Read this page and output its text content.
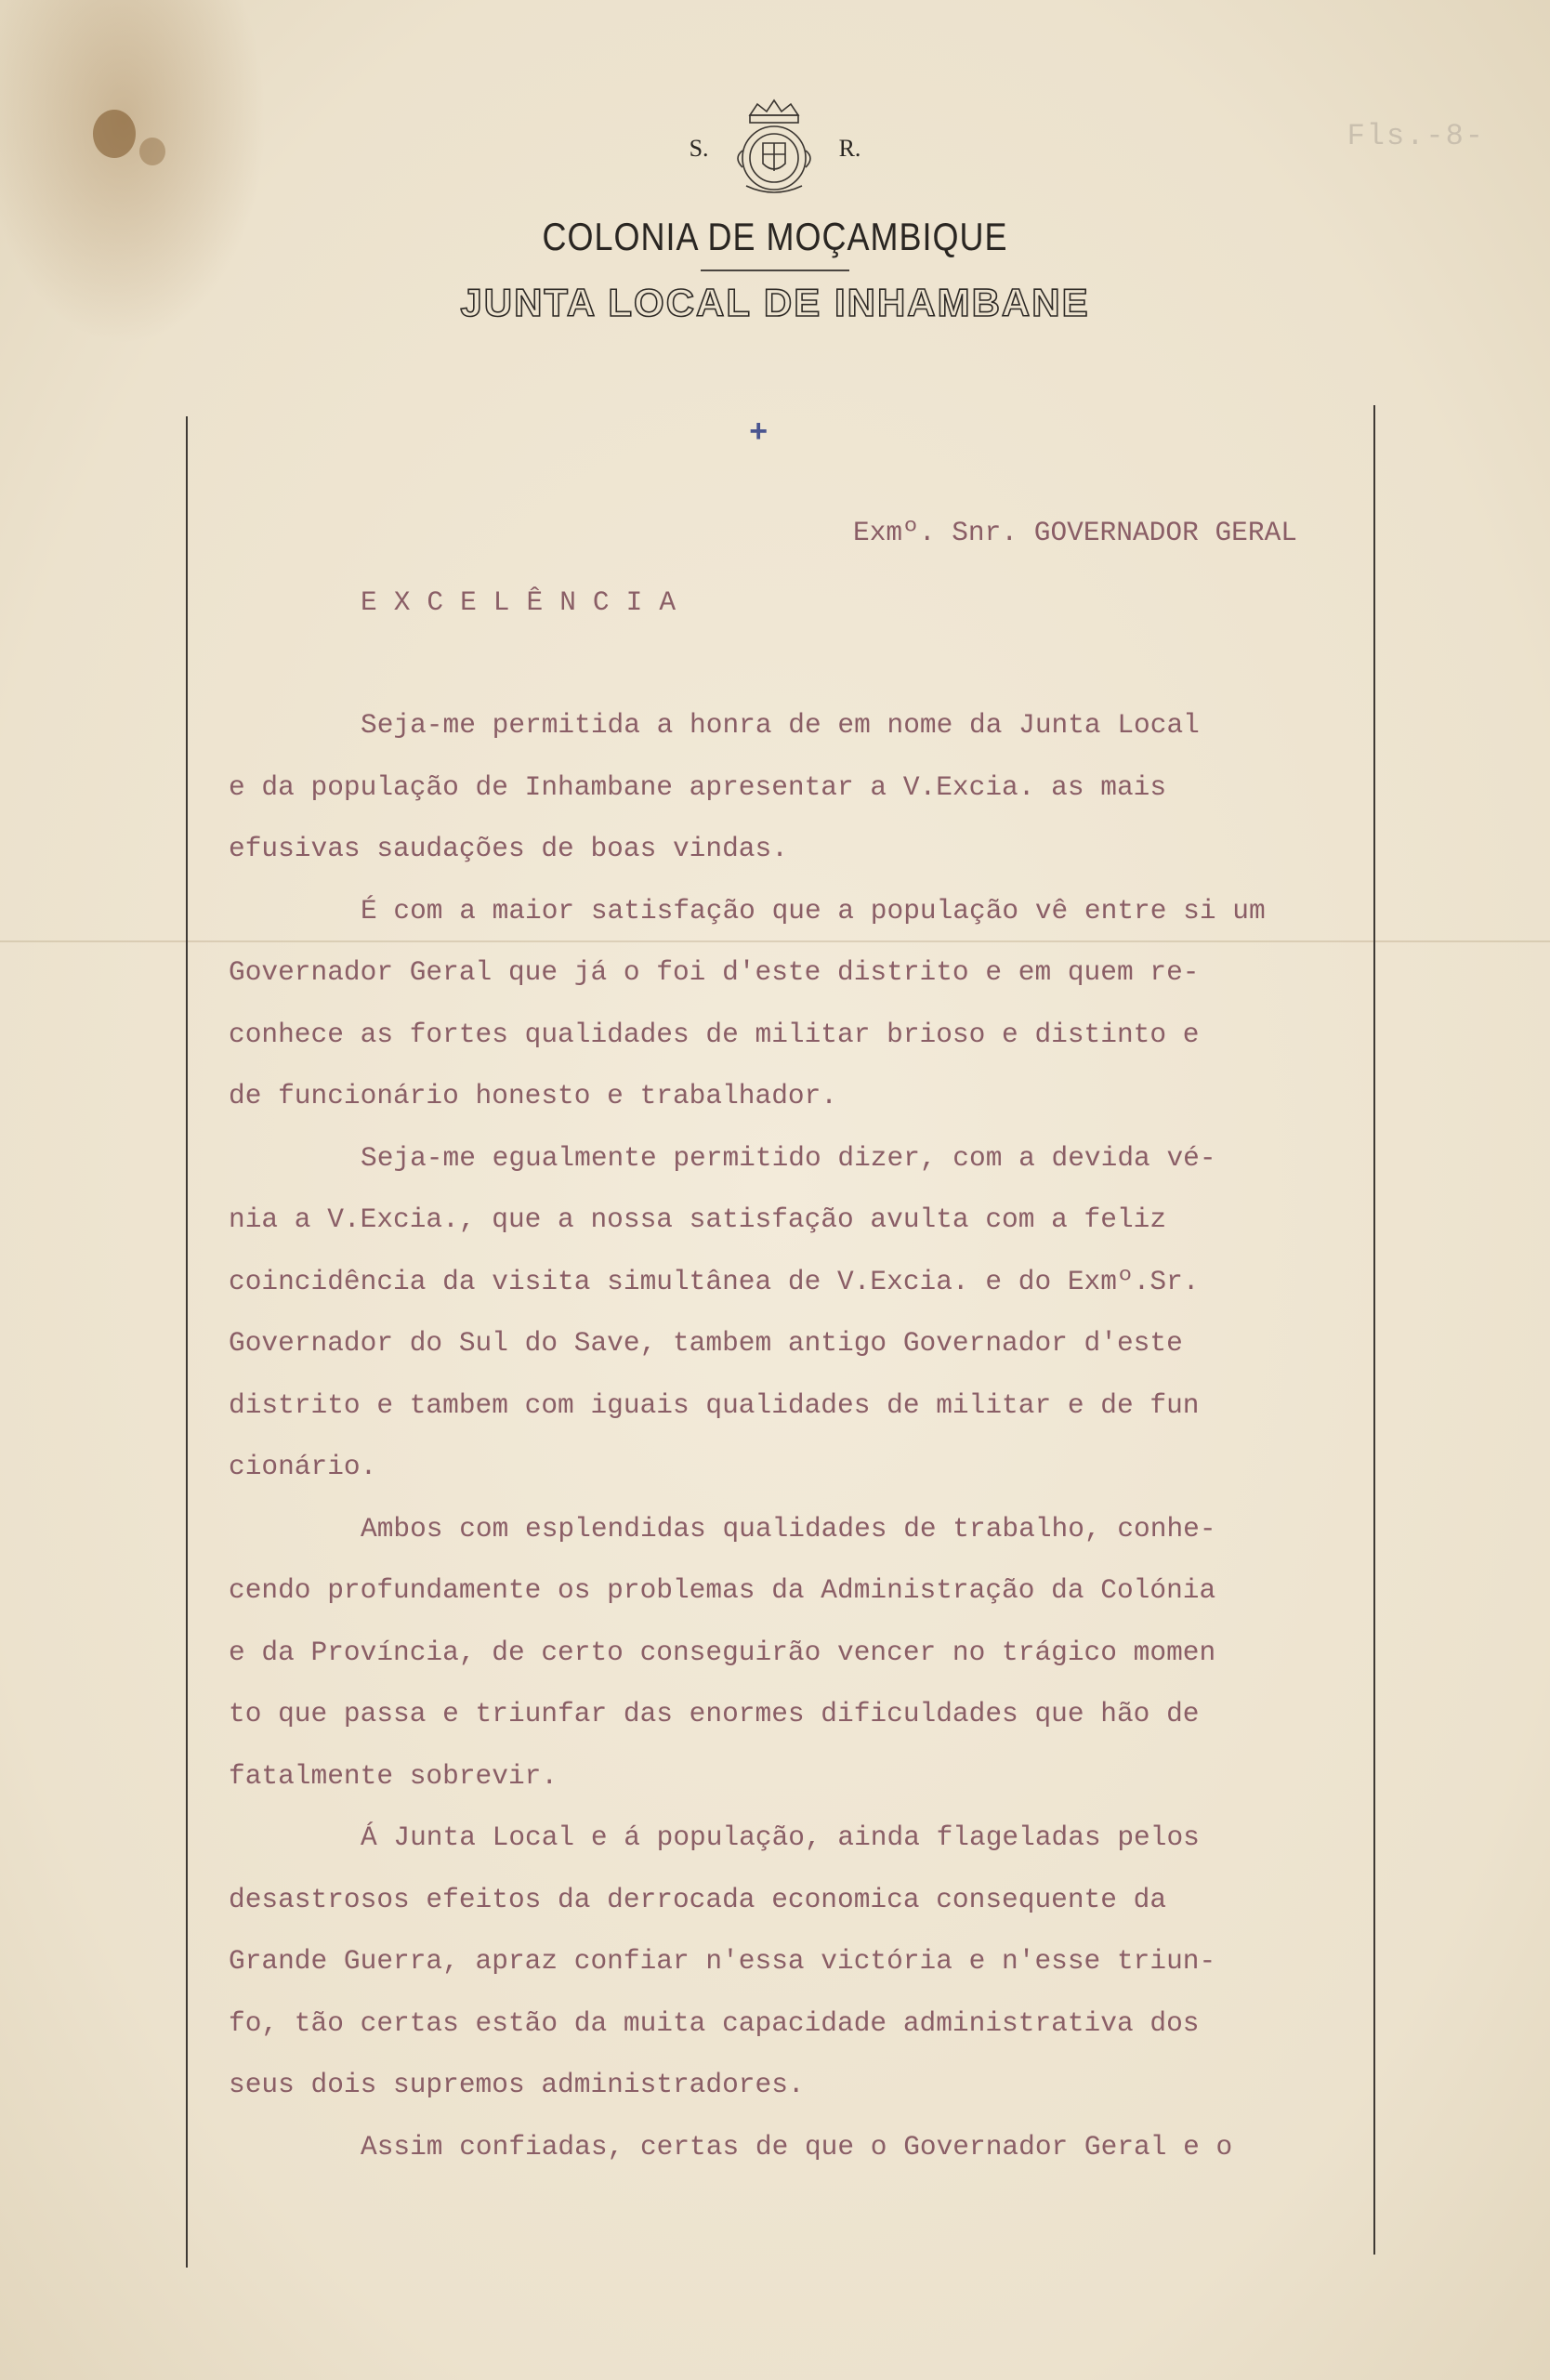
Fls.-8-
S.	R.
COLONIA DE MOÇAMBIQUE
JUNTA LOCAL DE INHAMBANE
+
Exmº. Snr. GOVERNADOR GERAL
EXCELÊNCIA

Seja-me permitida a honra de em nome da Junta Local
e da população de Inhambane apresentar a V.Excia. as mais
efusivas saudações de boas vindas.

É com a maior satisfação que a população vê entre si um
Governador Geral que já o foi d'este distrito e em quem re-
conhece as fortes qualidades de militar brioso e distinto e
de funcionário honesto e trabalhador.

Seja-me egualmente permitido dizer, com a devida vé-
nia a V.Excia., que a nossa satisfação avulta com a feliz
coincidência da visita simultânea de V.Excia. e do Exmº.Sr.
Governador do Sul do Save, tambem antigo Governador d'este
distrito e tambem com iguais qualidades de militar e de fun
cionário.

Ambos com esplendidas qualidades de trabalho, conhe-
cendo profundamente os problemas da Administração da Colónia
e da Província, de certo conseguirão vencer no trágico momen
to que passa e triunfar das enormes dificuldades que hão de
fatalmente sobrevir.

Á Junta Local e á população, ainda flageladas pelos
desastrosos efeitos da derrocada economica consequente da
Grande Guerra, apraz confiar n'essa victória e n'esse triun-
fo, tão certas estão da muita capacidade administrativa dos
seus dois supremos administradores.

Assim confiadas, certas de que o Governador Geral e o
